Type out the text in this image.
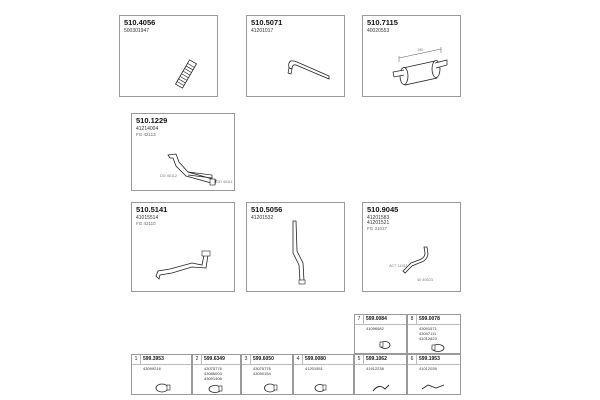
510.4056
500301947
510.5071
41201017
510.7115
40020553
150
510.1229
41214004
FG 42113
DG 40112
GD 40111
510.5141
41015514
FG 42110
510.5056
41201532
510.9045
41201583
41201521
FG 31037
ACT 11311
40 40523
7	599.0084
41096582
8	599.0078
43091571
43097111
41012823
1	599.3953
43099216
2	599.6349
43075776
43086003
43091406
3	599.6050
43075776
43090154
4	599.0080
41201551
5	599.1062
41912238
6	599.1953
41012039
